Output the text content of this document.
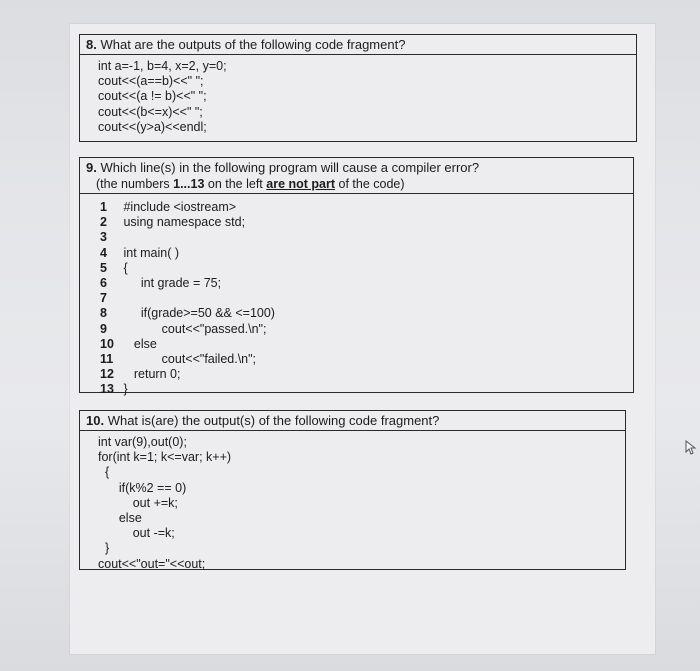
8. What are the outputs of the following code fragment?
int a=-1, b=4, x=2, y=0;
cout<<(a==b)<<" ";
cout<<(a != b)<<" ";
cout<<(b<=x)<<" ";
cout<<(y>a)<<endl;
9. Which line(s) in the following program will cause a compiler error?
(the numbers 1...13 on the left are not part of the code)
1	#include <iostream>
2	using namespace std;
3
4	int main( )
5	{
6	int grade = 75;
7
8	if(grade>=50 && <=100)
9	cout<<"passed.\n";
10 else
11 cout<<"failed.\n";
12 return 0;
13 }
10. What is(are) the output(s) of the following code fragment?
int var(9),out(0);
for(int k=1; k<=var; k++)
{
if(k%2 == 0)
out +=k;
else
out -=k;
}
cout<<"out="<<out;
